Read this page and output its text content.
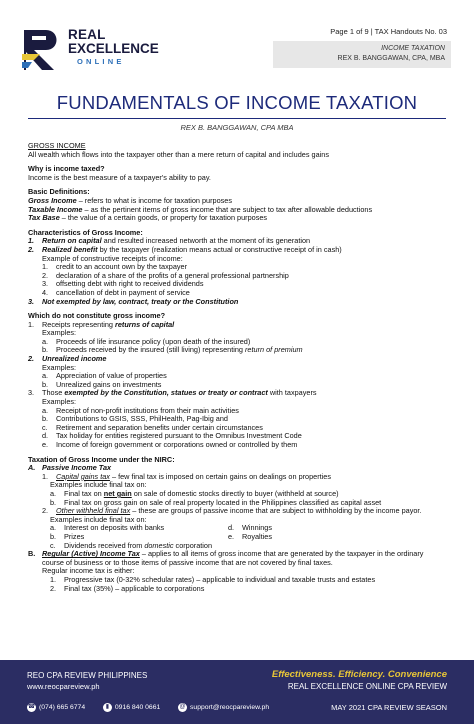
REAL
EXCELLENCE
ONLINE
Page 1 of 9 | TAX Handouts No. 03
INCOME TAXATION
REX B. BANGGAWAN, CPA, MBA
FUNDAMENTALS OF INCOME TAXATION
REX B. BANGGAWAN, CPA MBA
GROSS INCOME
All wealth which flows into the taxpayer other than a mere return of capital and includes gains
Why is income taxed?
Income is the best measure of a taxpayer's ability to pay.
Basic Definitions:
Gross Income – refers to what is income for taxation purposes
Taxable Income – as the pertinent items of gross income that are subject to tax after allowable deductions
Tax Base – the value of a certain goods, or property for taxation purposes
Characteristics of Gross Income:
1. Return on capital and resulted increased networth at the moment of its generation
2. Realized benefit by the taxpayer (realization means actual or constructive receipt of in cash)
Example of constructive receipts of income:
1. credit to an account own by the taxpayer
2. declaration of a share of the profits of a general professional partnership
3. offsetting debt with right to received dividends
4. cancellation of debt in payment of service
3. Not exempted by law, contract, treaty or the Constitution
Which do not constitute gross income?
1. Receipts representing returns of capital
Examples:
a. Proceeds of life insurance policy (upon death of the insured)
b. Proceeds received by the insured (still living) representing return of premium
2. Unrealized income
Examples:
a. Appreciation of value of properties
b. Unrealized gains on investments
3. Those exempted by the Constitution, statues or treaty or contract with taxpayers
Examples:
a. Receipt of non-profit institutions from their main activities
b. Contributions to GSIS, SSS, PhilHealth, Pag-Ibig and
c. Retirement and separation benefits under certain circumstances
d. Tax holiday for entities registered pursuant to the Omnibus Investment Code
e. Income of foreign government or corporations owned or controlled by them
Taxation of Gross Income under the NIRC:
A. Passive Income Tax
1. Capital gains tax – few final tax is imposed on certain gains on dealings on properties
Examples include final tax on:
a. Final tax on net gain on sale of domestic stocks directly to buyer (withheld at source)
b. Final tax on gross gain on sale of real property located in the Philippines classified as capital asset
2. Other withheld final tax – these are groups of passive income that are subject to withholding by the income payor.
Examples include final tax on:
a. Interest on deposits with banks	d. Winnings
b. Prizes	e. Royalties
c. Dividends received from domestic corporation
B. Regular (Active) Income Tax – applies to all items of gross income that are generated by the taxpayer in the ordinary
course of business or to those items of passive income that are not covered by final taxes.
Regular income tax is either:
1. Progressive tax (0-32% schedular rates) – applicable to individual and taxable trusts and estates
2. Final tax (35%) – applicable to corporations
REO CPA REVIEW PHILIPPINES
www.reocpareview.ph
☎ (074) 665 6774	▮ 0916 840 0661	@ support@reocpareview.ph
Effectiveness. Efficiency. Convenience
REAL EXCELLENCE ONLINE CPA REVIEW
MAY 2021 CPA REVIEW SEASON
